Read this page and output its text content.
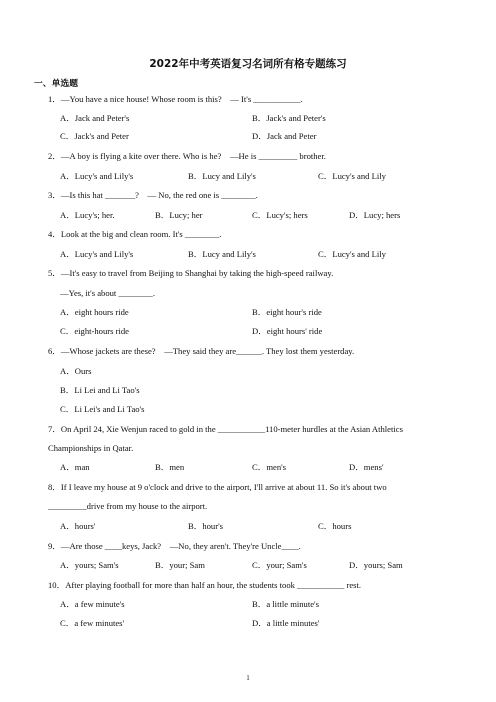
2022年中考英语复习名词所有格专题练习
一、单选题
1．—You have a nice house! Whose room is this?　— It's ___________.
A．Jack and Peter's	B．Jack's and Peter's
C．Jack's and Peter	D．Jack and Peter
2．—A boy is flying a kite over there. Who is he?　—He is _________ brother.
A．Lucy's and Lily's	B．Lucy and Lily's	C．Lucy's and Lily
3．—Is this hat _______?　— No, the red one is ________.
A．Lucy's; her.	B．Lucy; her	C．Lucy's; hers	D．Lucy; hers
4．Look at the big and clean room. It's ________.
A．Lucy's and Lily's	B．Lucy and Lily's	C．Lucy's and Lily
5．—It's easy to travel from Beijing to Shanghai by taking the high-speed railway.
—Yes, it's about ________.
A．eight hours ride	B．eight hour's ride
C．eight-hours ride	D．eight hours' ride
6．—Whose jackets are these?　—They said they are______. They lost them yesterday.
A．Ours
B．Li Lei and Li Tao's
C．Li Lei's and Li Tao's
7．On April 24, Xie Wenjun raced to gold in the ___________110-meter hurdles at the Asian Athletics
Championships in Qatar.
A．man	B．men	C．men's	D．mens'
8．If I leave my house at 9 o'clock and drive to the airport, I'll arrive at about 11. So it's about two
_________drive from my house to the airport.
A．hours'	B．hour's	C．hours
9．—Are those ____keys, Jack?　—No, they aren't. They're Uncle____.
A．yours; Sam's	B．your; Sam	C．your; Sam's	D．yours; Sam
10．After playing football for more than half an hour, the students took ___________ rest.
A．a few minute's	B．a little minute's
C．a few minutes'	D．a little minutes'
1
